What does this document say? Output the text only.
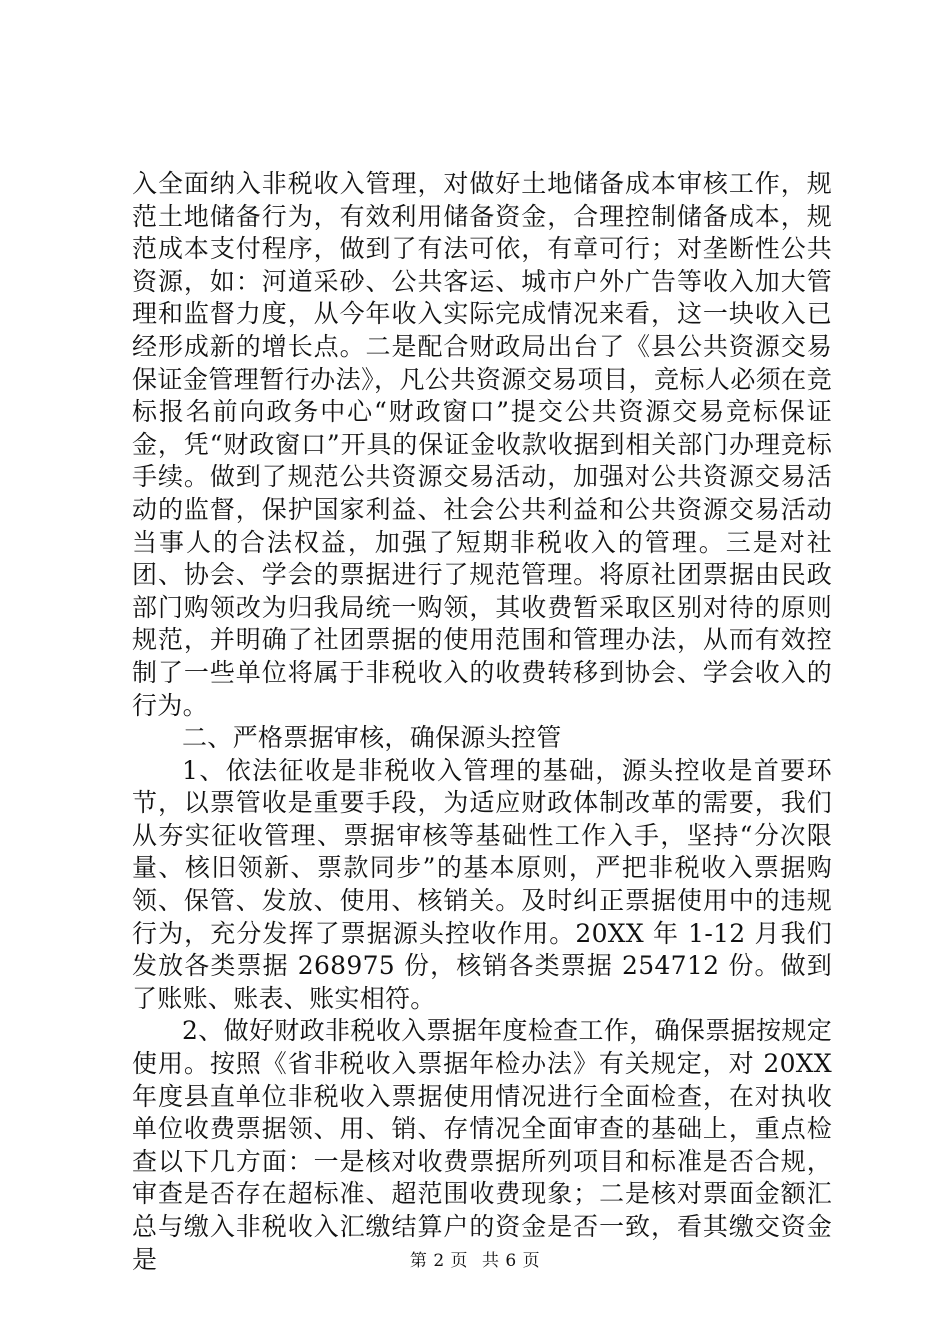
入全面纳入非税收入管理，对做好土地储备成本审核工作，规范土地储备行为，有效利用储备资金，合理控制储备成本，规范成本支付程序，做到了有法可依，有章可行；对垄断性公共资源，如：河道采砂、公共客运、城市户外广告等收入加大管理和监督力度，从今年收入实际完成情况来看，这一块收入已经形成新的增长点。二是配合财政局出台了《县公共资源交易保证金管理暂行办法》，凡公共资源交易项目，竞标人必须在竞标报名前向政务中心“财政窗口”提交公共资源交易竞标保证金，凭“财政窗口”开具的保证金收款收据到相关部门办理竞标手续。做到了规范公共资源交易活动，加强对公共资源交易活动的监督，保护国家利益、社会公共利益和公共资源交易活动当事人的合法权益，加强了短期非税收入的管理。三是对社团、协会、学会的票据进行了规范管理。将原社团票据由民政部门购领改为归我局统一购领，其收费暂采取区别对待的原则规范，并明确了社团票据的使用范围和管理办法，从而有效控制了一些单位将属于非税收入的收费转移到协会、学会收入的行为。

二、严格票据审核，确保源头控管

1、依法征收是非税收入管理的基础，源头控收是首要环节，以票管收是重要手段，为适应财政体制改革的需要，我们从夯实征收管理、票据审核等基础性工作入手，坚持“分次限量、核旧领新、票款同步”的基本原则，严把非税收入票据购领、保管、发放、使用、核销关。及时纠正票据使用中的违规行为，充分发挥了票据源头控收作用。20XX 年 1-12 月我们发放各类票据 268975 份，核销各类票据 254712 份。做到了账账、账表、账实相符。

2、做好财政非税收入票据年度检查工作，确保票据按规定使用。按照《省非税收入票据年检办法》有关规定，对 20XX 年度县直单位非税收入票据使用情况进行全面检查，在对执收单位收费票据领、用、销、存情况全面审查的基础上，重点检查以下几方面：一是核对收费票据所列项目和标准是否合规，审查是否存在超标准、超范围收费现象；二是核对票面金额汇总与缴入非税收入汇缴结算户的资金是否一致，看其缴交资金是	第 2 页 共 6 页
